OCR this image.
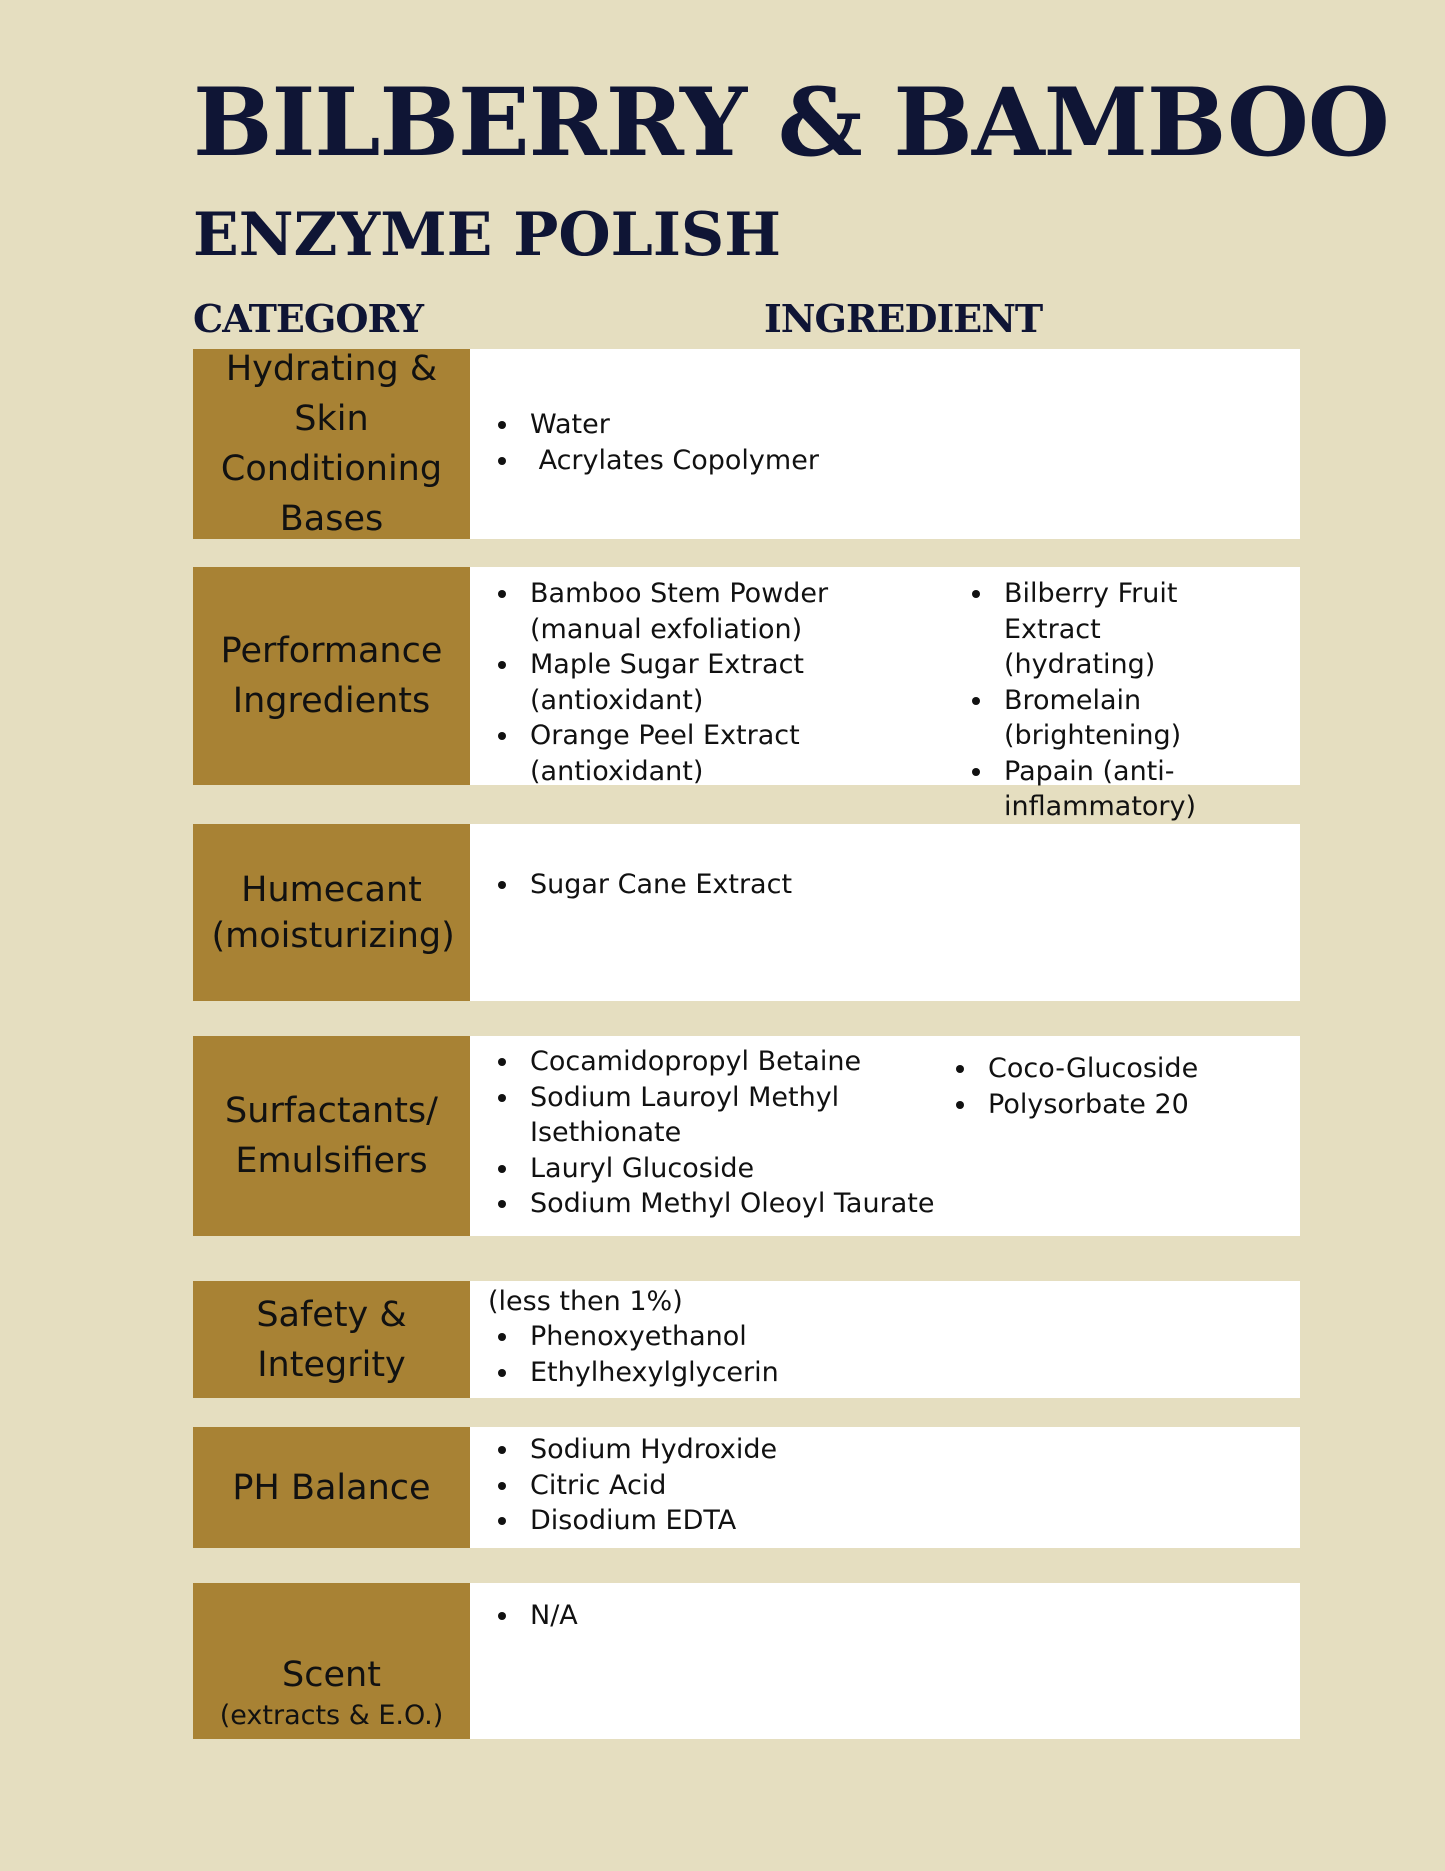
BILBERRY & BAMBOO
ENZYME POLISH
CATEGORY	INGREDIENT
Hydrating & Skin Conditioning Bases
Water
Acrylates Copolymer
Performance Ingredients
Bamboo Stem Powder (manual exfoliation)
Maple Sugar Extract (antioxidant)
Orange Peel Extract (antioxidant)
Bilberry Fruit Extract (hydrating)
Bromelain (brightening)
Papain (anti-inflammatory)
Humecant (moisturizing)
Sugar Cane Extract
Surfactants/ Emulsifiers
Cocamidopropyl Betaine
Sodium Lauroyl Methyl Isethionate
Lauryl Glucoside
Sodium Methyl Oleoyl Taurate
Coco-Glucoside
Polysorbate 20
Safety & Integrity
(less then 1%)
Phenoxyethanol
Ethylhexylglycerin
PH Balance
Sodium Hydroxide
Citric Acid
Disodium EDTA
Scent
(extracts & E.O.)
N/A
